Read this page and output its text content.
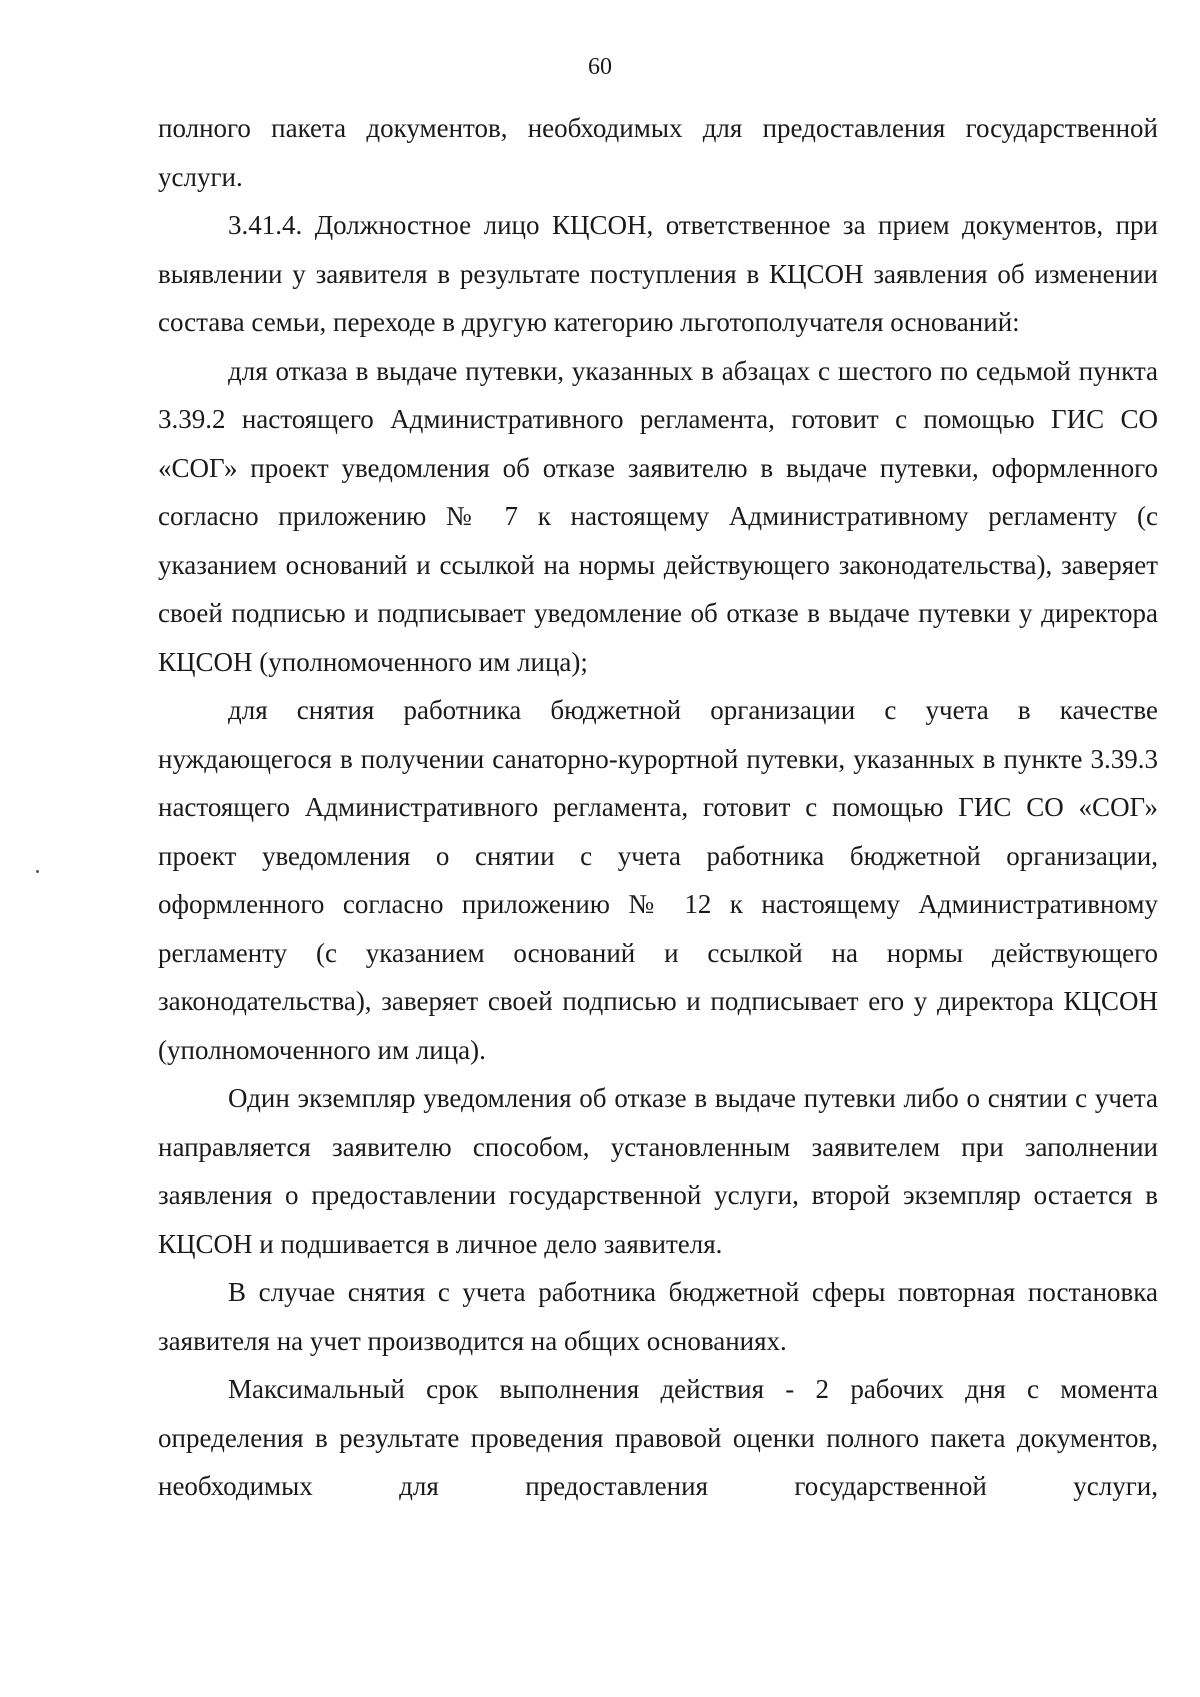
60

полного пакета документов, необходимых для предоставления государственной услуги.

3.41.4. Должностное лицо КЦСОН, ответственное за прием документов, при выявлении у заявителя в результате поступления в КЦСОН заявления об изменении состава семьи, переходе в другую категорию льготополучателя оснований:

для отказа в выдаче путевки, указанных в абзацах с шестого по седьмой пункта 3.39.2 настоящего Административного регламента, готовит с помощью ГИС СО «СОГ» проект уведомления об отказе заявителю в выдаче путевки, оформленного согласно приложению № 7 к настоящему Административному регламенту (с указанием оснований и ссылкой на нормы действующего законодательства), заверяет своей подписью и подписывает уведомление об отказе в выдаче путевки у директора КЦСОН (уполномоченного им лица);

для снятия работника бюджетной организации с учета в качестве нуждающегося в получении санаторно-курортной путевки, указанных в пункте 3.39.3 настоящего Административного регламента, готовит с помощью ГИС СО «СОГ» проект уведомления о снятии с учета работника бюджетной организации, оформленного согласно приложению № 12 к настоящему Административному регламенту (с указанием оснований и ссылкой на нормы действующего законодательства), заверяет своей подписью и подписывает его у директора КЦСОН (уполномоченного им лица).

Один экземпляр уведомления об отказе в выдаче путевки либо о снятии с учета направляется заявителю способом, установленным заявителем при заполнении заявления о предоставлении государственной услуги, второй экземпляр остается в КЦСОН и подшивается в личное дело заявителя.

В случае снятия с учета работника бюджетной сферы повторная постановка заявителя на учет производится на общих основаниях.

Максимальный срок выполнения действия - 2 рабочих дня с момента определения в результате проведения правовой оценки полного пакета документов, необходимых для предоставления государственной услуги,
